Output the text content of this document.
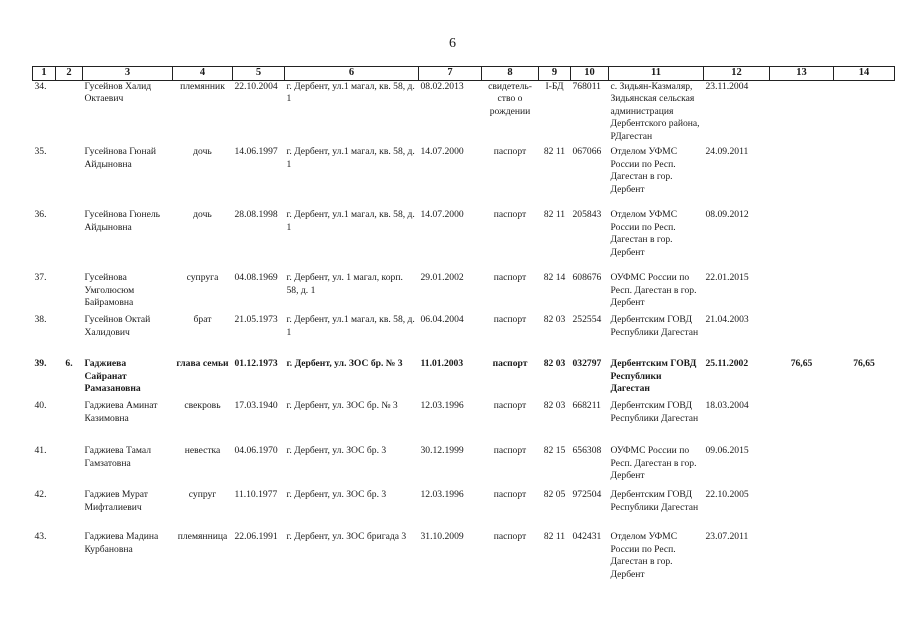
6
1	2	3	4	5	6	7	8	9	10	11	12	13	14
34.		Гусейнов Халид Октаевич	племянник	22.10.2004	г. Дербент, ул.1 магал, кв. 58, д. 1	08.02.2013	свидетель-ство о рождении	I-БД	768011	с. Зидьян-Казмаляр, Зидьянская сельская администрация Дербентского района, РДагестан	23.11.2004		
35.		Гусейнова Гюнай Айдыновна	дочь	14.06.1997	г. Дербент, ул.1 магал, кв. 58, д. 1	14.07.2000	паспорт	82 11	067066	Отделом УФМС России по Респ. Дагестан в гор. Дербент	24.09.2011		
36.		Гусейнова Гюнель Айдыновна	дочь	28.08.1998	г. Дербент, ул.1 магал, кв. 58, д. 1	14.07.2000	паспорт	82 11	205843	Отделом УФМС России по Респ. Дагестан в гор. Дербент	08.09.2012		
37.		Гусейнова Умголюсюм Байрамовна	супруга	04.08.1969	г. Дербент, ул. 1 магал, корп. 58, д. 1	29.01.2002	паспорт	82 14	608676	ОУФМС России по Респ. Дагестан в гор. Дербент	22.01.2015		
38.		Гусейнов Октай Халидович	брат	21.05.1973	г. Дербент, ул.1 магал, кв. 58, д. 1	06.04.2004	паспорт	82 03	252554	Дербентским ГОВД Республики Дагестан	21.04.2003		
39.	6.	Гаджиева Сайранат Рамазановна	глава семьи	01.12.1973	г. Дербент, ул. ЗОС бр. № 3	11.01.2003	паспорт	82 03	032797	Дербентским ГОВД Республики Дагестан	25.11.2002	76,65	76,65
40.		Гаджиева Аминат Казимовна	свекровь	17.03.1940	г. Дербент, ул. ЗОС бр. № 3	12.03.1996	паспорт	82 03	668211	Дербентским ГОВД Республики Дагестан	18.03.2004		
41.		Гаджиева Тамал Гамзатовна	невестка	04.06.1970	г. Дербент, ул. ЗОС бр. 3	30.12.1999	паспорт	82 15	656308	ОУФМС России по Респ. Дагестан в гор. Дербент	09.06.2015		
42.		Гаджиев Мурат Мифталиевич	супруг	11.10.1977	г. Дербент, ул. ЗОС бр. 3	12.03.1996	паспорт	82 05	972504	Дербентским ГОВД Республики Дагестан	22.10.2005		
43.		Гаджиева Мадина Курбановна	племянница	22.06.1991	г. Дербент, ул. ЗОС бригада 3	31.10.2009	паспорт	82 11	042431	Отделом УФМС России по Респ. Дагестан в гор. Дербент	23.07.2011		
